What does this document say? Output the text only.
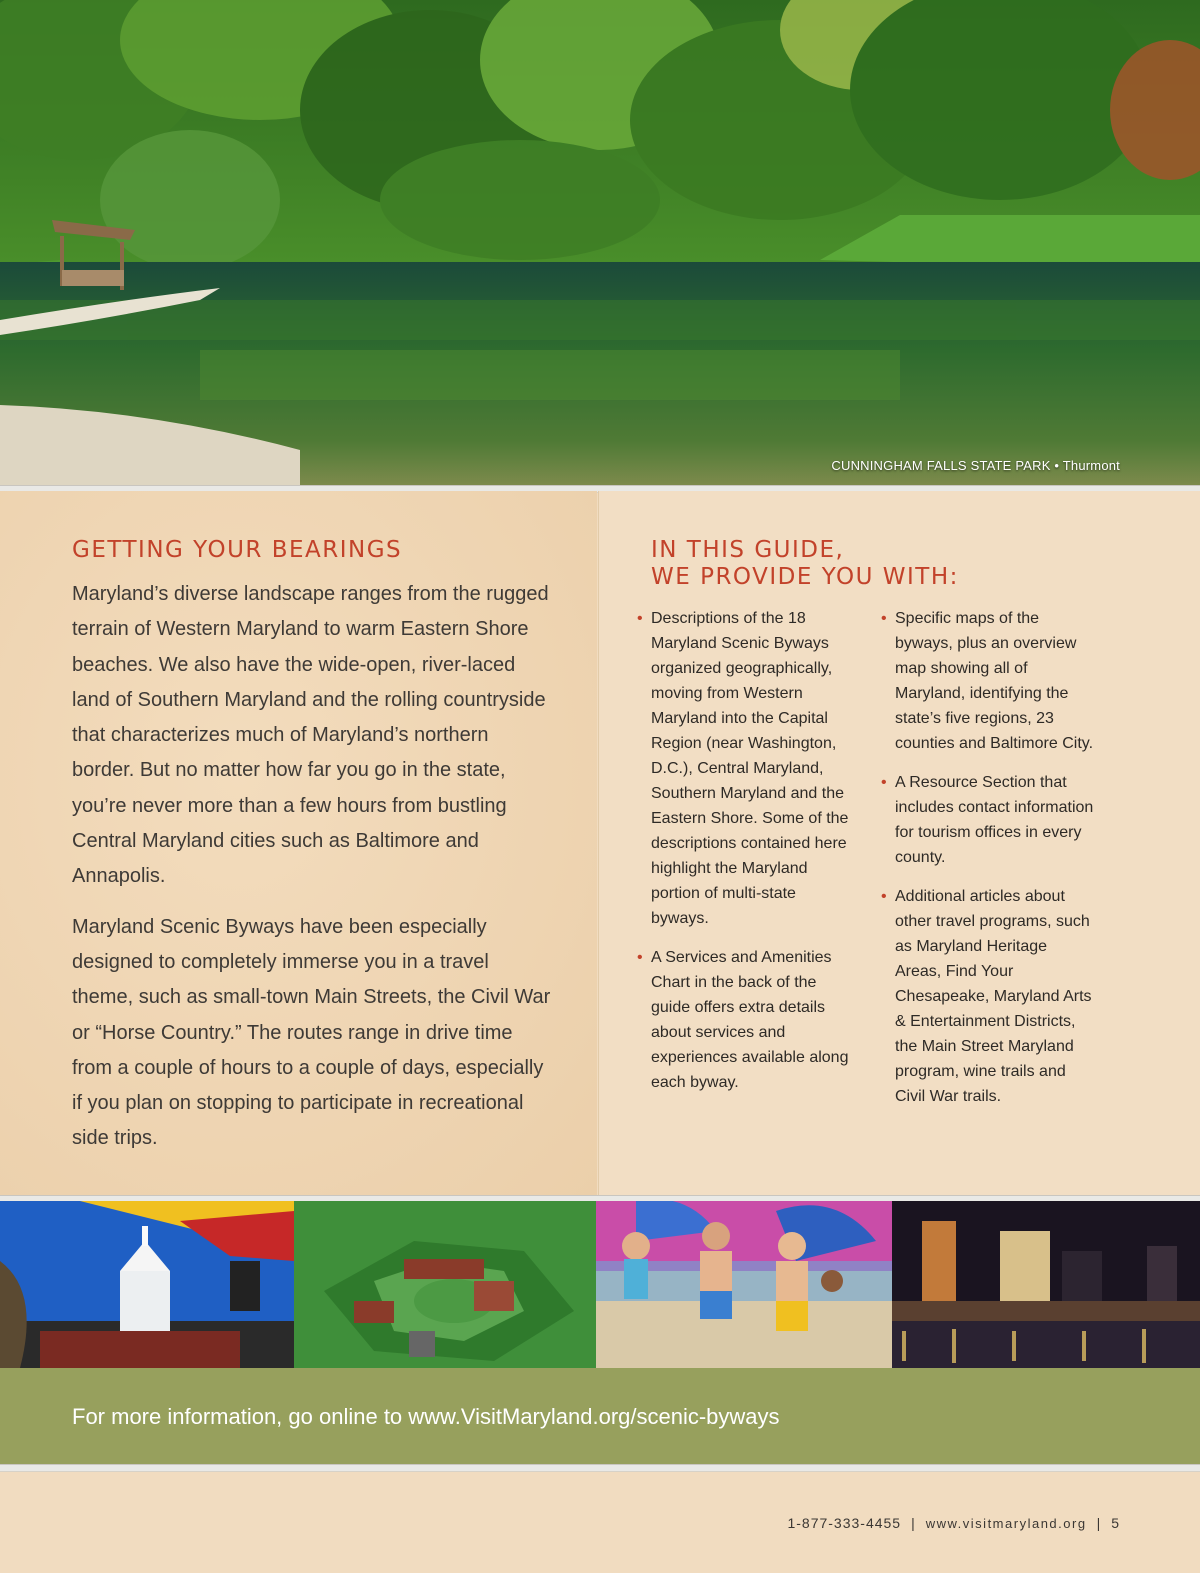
CUNNINGHAM FALLS STATE PARK • Thurmont
GETTING YOUR BEARINGS

Maryland’s diverse landscape ranges from the rugged terrain of Western Maryland to warm Eastern Shore beaches. We also have the wide-open, river-laced land of Southern Maryland and the rolling countryside that characterizes much of Maryland’s northern border. But no matter how far you go in the state, you’re never more than a few hours from bustling Central Maryland cities such as Baltimore and Annapolis.

Maryland Scenic Byways have been especially designed to completely immerse you in a travel theme, such as small-town Main Streets, the Civil War or “Horse Country.” The routes range in drive time from a couple of hours to a couple of days, especially if you plan on stopping to participate in recreational side trips.

IN THIS GUIDE,
WE PROVIDE YOU WITH:
• Descriptions of the 18 Maryland Scenic Byways organized geographically, moving from Western Maryland into the Capital Region (near Washington, D.C.), Central Maryland, Southern Maryland and the Eastern Shore. Some of the descriptions contained here highlight the Maryland portion of multi-state byways.
• A Services and Amenities Chart in the back of the guide offers extra details about services and experiences available along each byway.
• Specific maps of the byways, plus an overview map showing all of Maryland, identifying the state’s five regions, 23 counties and Baltimore City.
• A Resource Section that includes contact information for tourism offices in every county.
• Additional articles about other travel programs, such as Maryland Heritage Areas, Find Your Chesapeake, Maryland Arts & Entertainment Districts, the Main Street Maryland program, wine trails and Civil War trails.
For more information, go online to www.VisitMaryland.org/scenic-byways
1-877-333-4455 | www.visitmaryland.org | 5
